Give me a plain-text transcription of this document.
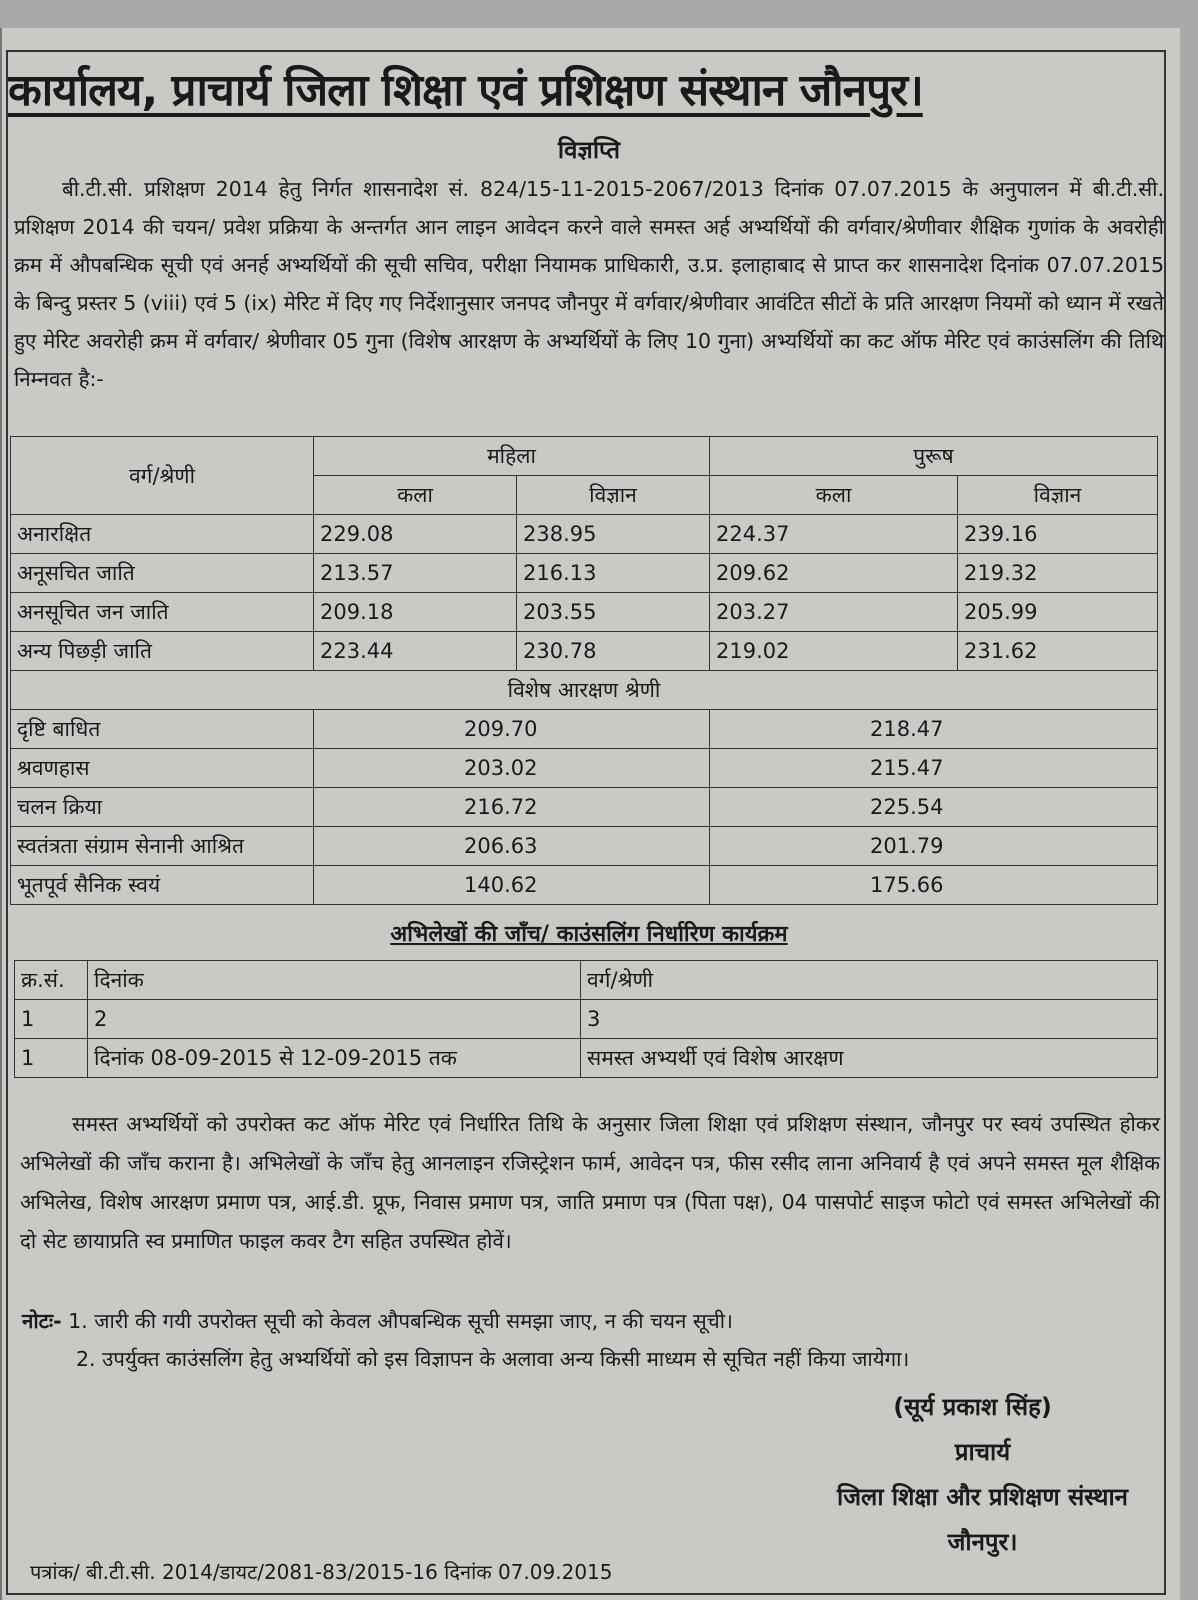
कार्यालय, प्राचार्य जिला शिक्षा एवं प्रशिक्षण संस्थान जौनपुर।
विज्ञप्ति
बी.टी.सी. प्रशिक्षण 2014 हेतु निर्गत शासनादेश सं. 824/15-11-2015-2067/2013 दिनांक 07.07.2015 के अनुपालन में बी.टी.सी. प्रशिक्षण 2014 की चयन/ प्रवेश प्रक्रिया के अन्तर्गत आन लाइन आवेदन करने वाले समस्त अर्ह अभ्यर्थियों की वर्गवार/श्रेणीवार शैक्षिक गुणांक के अवरोही क्रम में औपबन्धिक सूची एवं अनर्ह अभ्यर्थियों की सूची सचिव, परीक्षा नियामक प्राधिकारी, उ.प्र. इलाहाबाद से प्राप्त कर शासनादेश दिनांक 07.07.2015 के बिन्दु प्रस्तर 5 (viii) एवं 5 (ix) मेरिट में दिए गए निर्देशानुसार जनपद जौनपुर में वर्गवार/श्रेणीवार आवंटित सीटों के प्रति आरक्षण नियमों को ध्यान में रखते हुए मेरिट अवरोही क्रम में वर्गवार/ श्रेणीवार 05 गुना (विशेष आरक्षण के अभ्यर्थियों के लिए 10 गुना) अभ्यर्थियों का कट ऑफ मेरिट एवं काउंसलिंग की तिथि निम्नवत है:-
वर्ग/श्रेणी	महिला		पुरूष	
	कला	विज्ञान	कला	विज्ञान
अनारक्षित	229.08	238.95	224.37	239.16
अनूसचित जाति	213.57	216.13	209.62	219.32
अनसूचित जन जाति	209.18	203.55	203.27	205.99
अन्य पिछड़ी जाति	223.44	230.78	219.02	231.62
विशेष आरक्षण श्रेणी				
दृष्टि बाधित	209.70		218.47	
श्रवणहास	203.02		215.47	
चलन क्रिया	216.72		225.54	
स्वतंत्रता संग्राम सेनानी आश्रित	206.63		201.79	
भूतपूर्व सैनिक स्वयं	140.62		175.66	
अभिलेखों की जाँच/ काउंसलिंग निर्धारिण कार्यक्रम
क्र.सं.	दिनांक	वर्ग/श्रेणी
1	2	3
1	दिनांक 08-09-2015 से 12-09-2015 तक	समस्त अभ्यर्थी एवं विशेष आरक्षण
समस्त अभ्यर्थियों को उपरोक्त कट ऑफ मेरिट एवं निर्धारित तिथि के अनुसार जिला शिक्षा एवं प्रशिक्षण संस्थान, जौनपुर पर स्वयं उपस्थित होकर अभिलेखों की जाँच कराना है। अभिलेखों के जाँच हेतु आनलाइन रजिस्ट्रेशन फार्म, आवेदन पत्र, फीस रसीद लाना अनिवार्य है एवं अपने समस्त मूल शैक्षिक अभिलेख, विशेष आरक्षण प्रमाण पत्र, आई.डी. प्रूफ, निवास प्रमाण पत्र, जाति प्रमाण पत्र (पिता पक्ष), 04 पासपोर्ट साइज फोटो एवं समस्त अभिलेखों की दो सेट छायाप्रति स्व प्रमाणित फाइल कवर टैग सहित उपस्थित होवें।
नोटः- 1. जारी की गयी उपरोक्त सूची को केवल औपबन्धिक सूची समझा जाए, न की चयन सूची।
2. उपर्युक्त काउंसलिंग हेतु अभ्यर्थियों को इस विज्ञापन के अलावा अन्य किसी माध्यम से सूचित नहीं किया जायेगा।
(सूर्य प्रकाश सिंह)
प्राचार्य
जिला शिक्षा और प्रशिक्षण संस्थान
जौनपुर।
पत्रांक/ बी.टी.सी. 2014/डायट/2081-83/2015-16 दिनांक 07.09.2015
